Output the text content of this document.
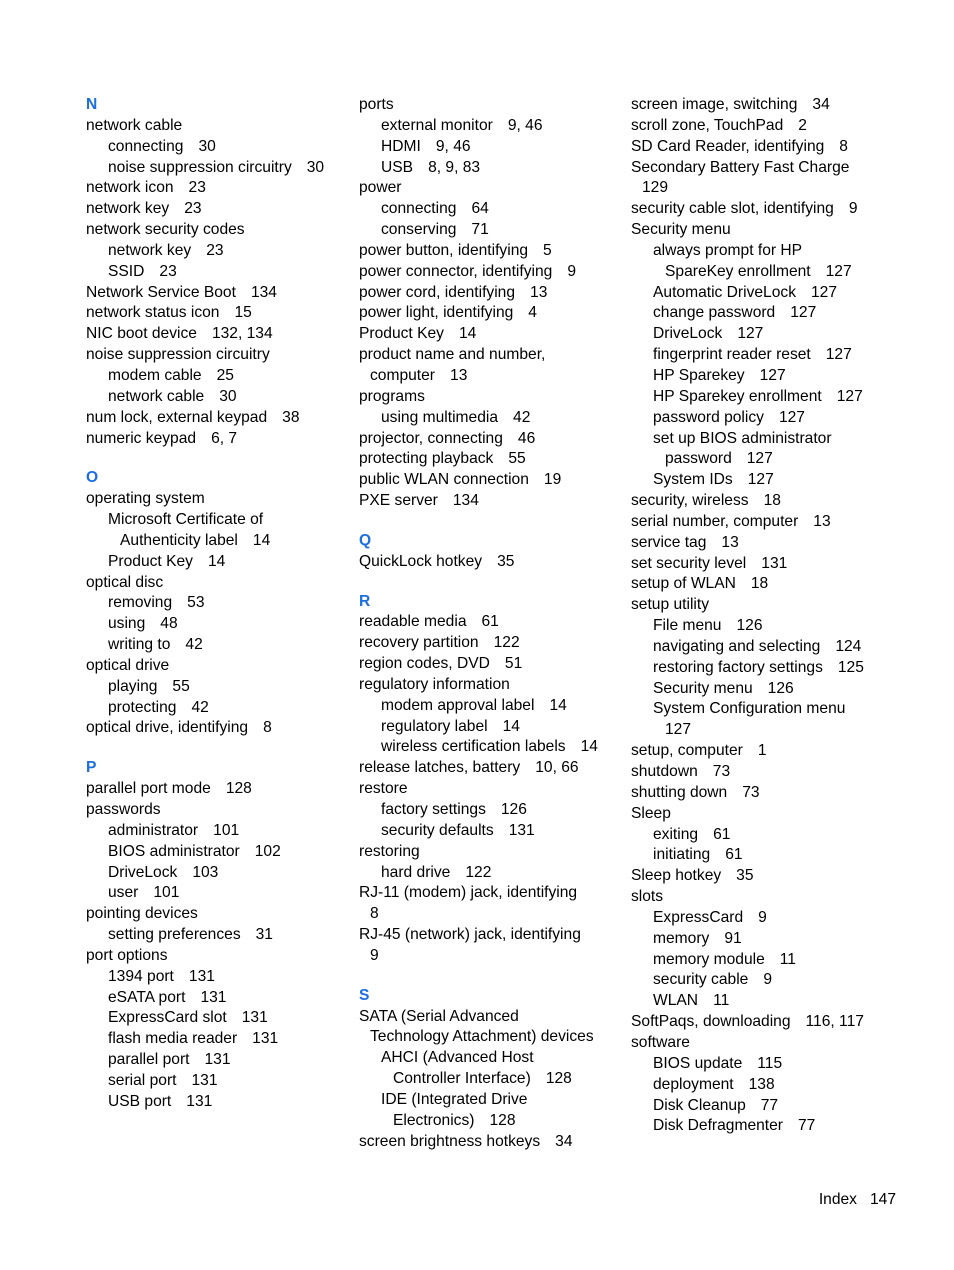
N
network cable
connecting 30
noise suppression circuitry 30
network icon 23
network key 23
network security codes
network key 23
SSID 23
Network Service Boot 134
network status icon 15
NIC boot device 132, 134
noise suppression circuitry
modem cable 25
network cable 30
num lock, external keypad 38
numeric keypad 6, 7
O
operating system
Microsoft Certificate of
Authenticity label 14
Product Key 14
optical disc
removing 53
using 48
writing to 42
optical drive
playing 55
protecting 42
optical drive, identifying 8
P
parallel port mode 128
passwords
administrator 101
BIOS administrator 102
DriveLock 103
user 101
pointing devices
setting preferences 31
port options
1394 port 131
eSATA port 131
ExpressCard slot 131
flash media reader 131
parallel port 131
serial port 131
USB port 131
ports
external monitor 9, 46
HDMI 9, 46
USB 8, 9, 83
power
connecting 64
conserving 71
power button, identifying 5
power connector, identifying 9
power cord, identifying 13
power light, identifying 4
Product Key 14
product name and number,
computer 13
programs
using multimedia 42
projector, connecting 46
protecting playback 55
public WLAN connection 19
PXE server 134
Q
QuickLock hotkey 35
R
readable media 61
recovery partition 122
region codes, DVD 51
regulatory information
modem approval label 14
regulatory label 14
wireless certification labels 14
release latches, battery 10, 66
restore
factory settings 126
security defaults 131
restoring
hard drive 122
RJ-11 (modem) jack, identifying
8
RJ-45 (network) jack, identifying
9
S
SATA (Serial Advanced
Technology Attachment) devices
AHCI (Advanced Host
Controller Interface) 128
IDE (Integrated Drive
Electronics) 128
screen brightness hotkeys 34
screen image, switching 34
scroll zone, TouchPad 2
SD Card Reader, identifying 8
Secondary Battery Fast Charge
129
security cable slot, identifying 9
Security menu
always prompt for HP
SpareKey enrollment 127
Automatic DriveLock 127
change password 127
DriveLock 127
fingerprint reader reset 127
HP Sparekey 127
HP Sparekey enrollment 127
password policy 127
set up BIOS administrator
password 127
System IDs 127
security, wireless 18
serial number, computer 13
service tag 13
set security level 131
setup of WLAN 18
setup utility
File menu 126
navigating and selecting 124
restoring factory settings 125
Security menu 126
System Configuration menu
127
setup, computer 1
shutdown 73
shutting down 73
Sleep
exiting 61
initiating 61
Sleep hotkey 35
slots
ExpressCard 9
memory 91
memory module 11
security cable 9
WLAN 11
SoftPaqs, downloading 116, 117
software
BIOS update 115
deployment 138
Disk Cleanup 77
Disk Defragmenter 77
Index 147
